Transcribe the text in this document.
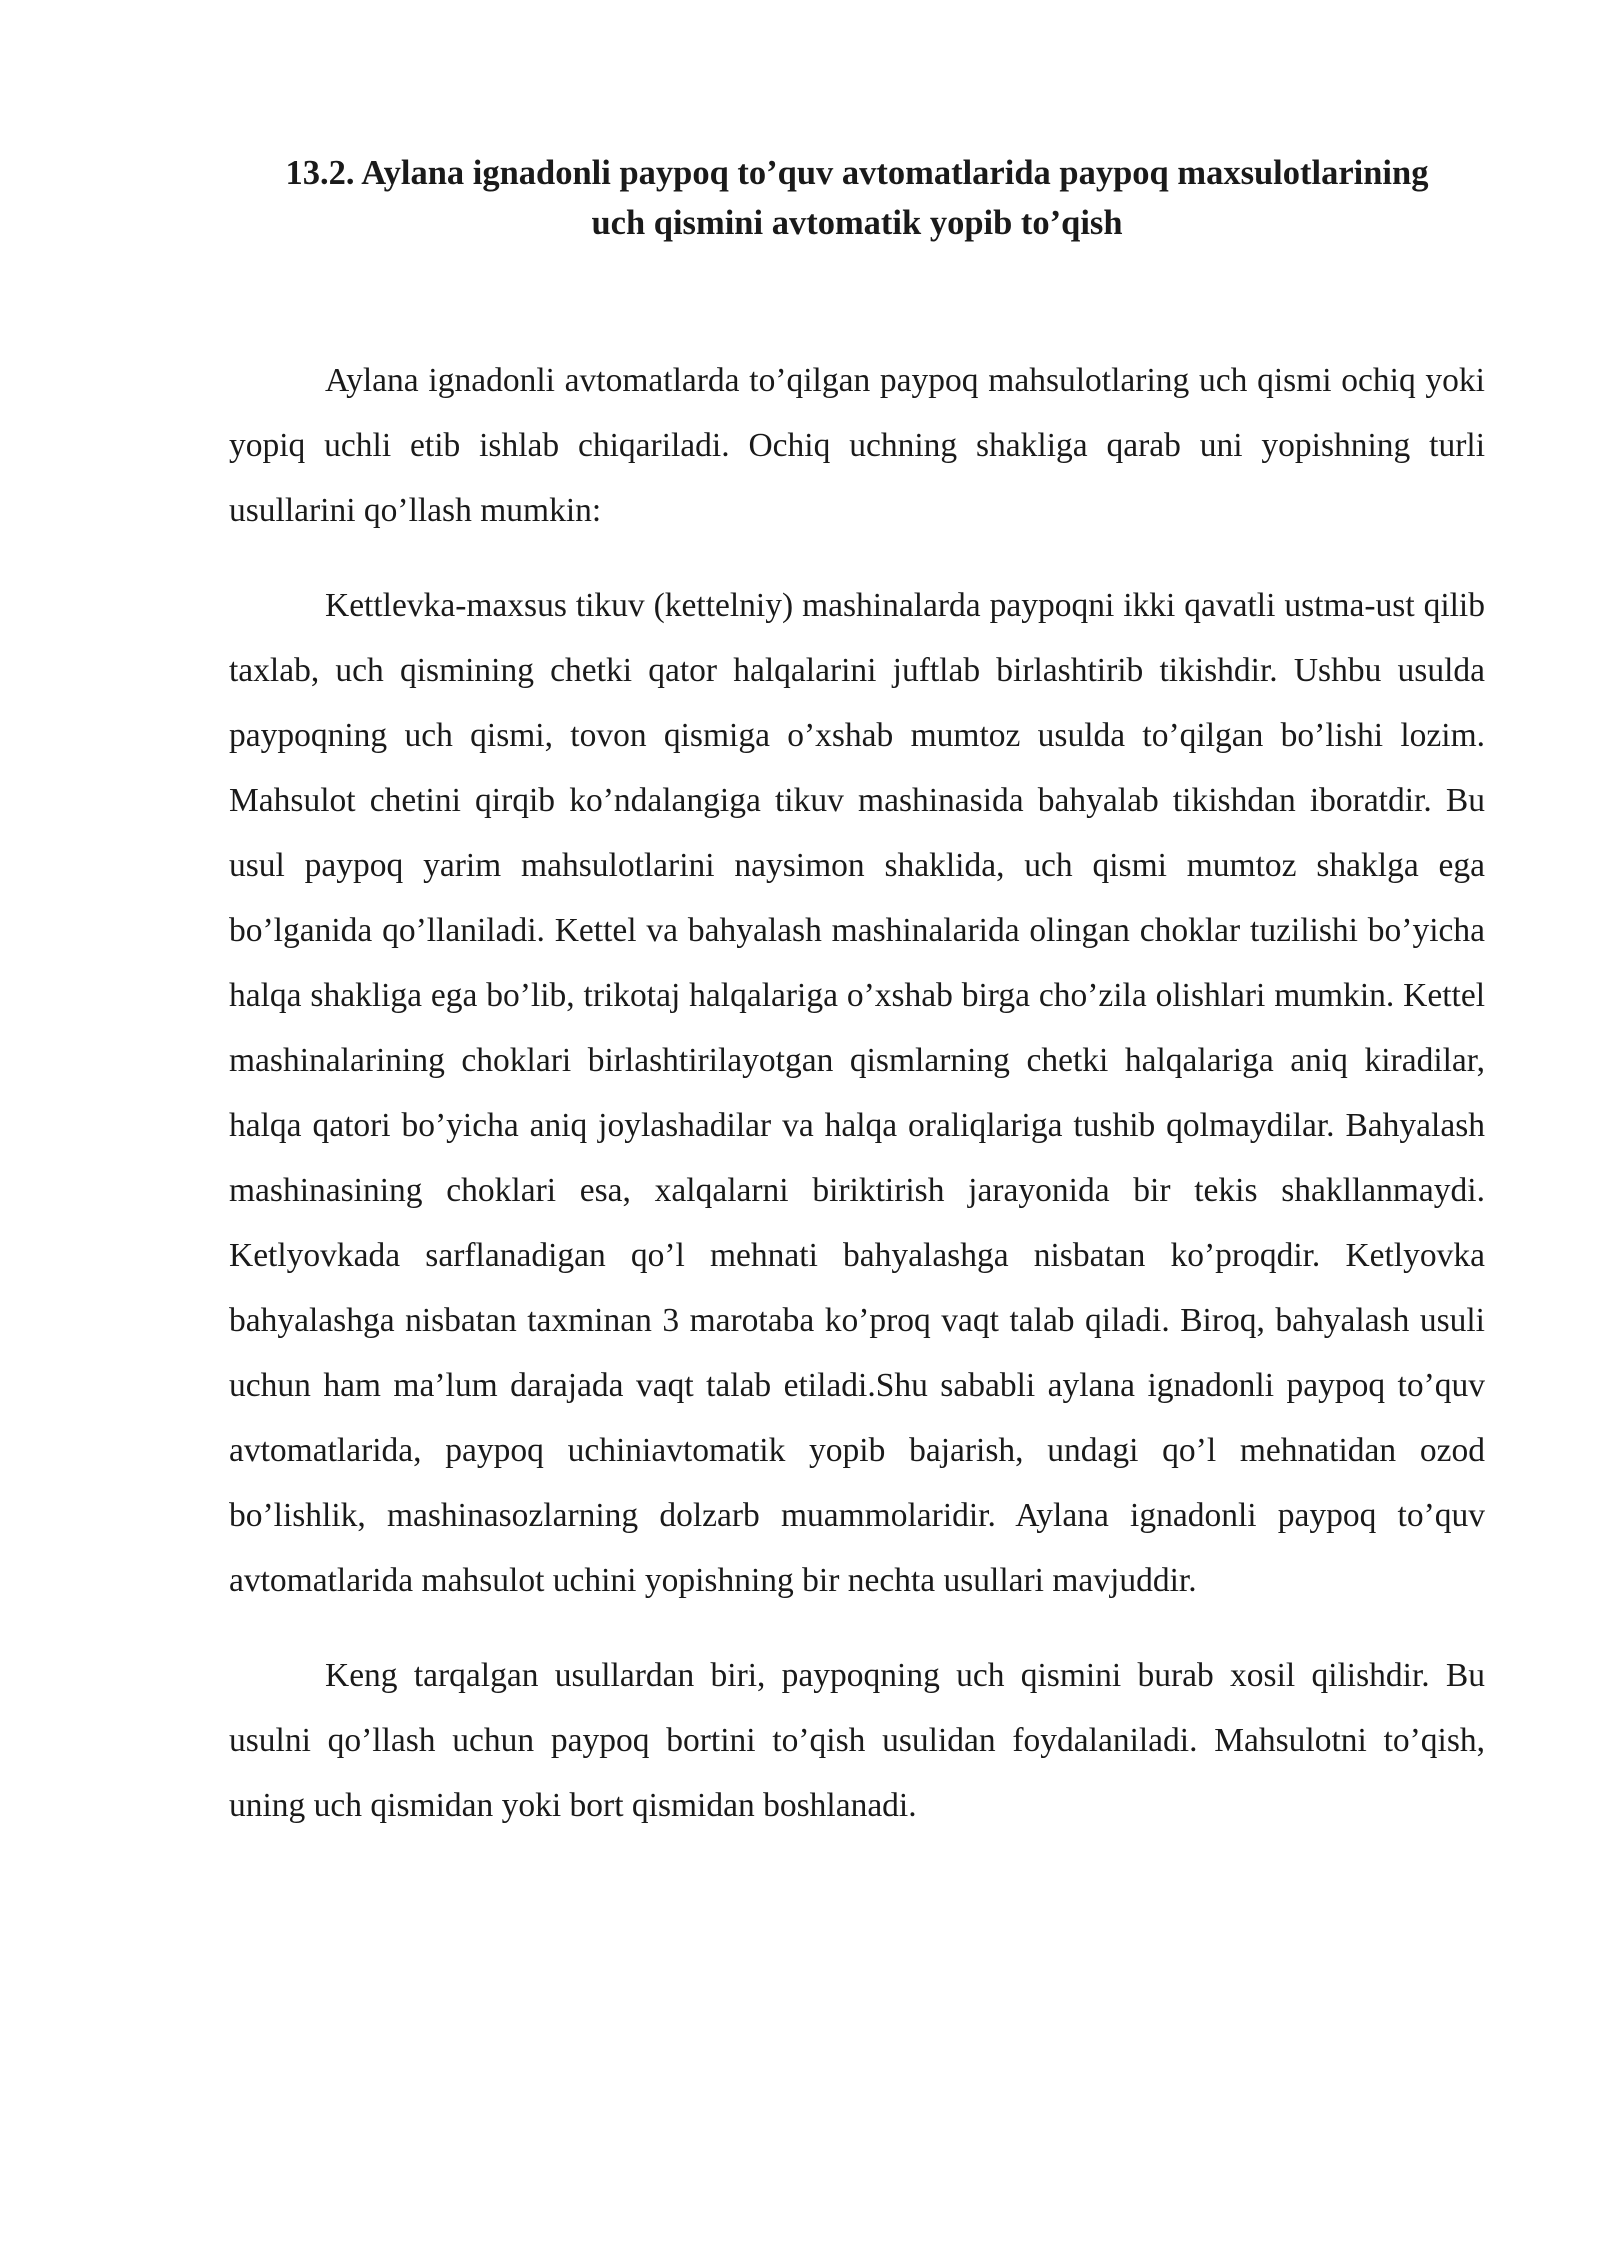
13.2. Aylana ignadonli paypoq to’quv avtomatlarida paypoq maxsulotlarining
uch qismini avtomatik yopib to’qish

Aylana ignadonli avtomatlarda to’qilgan paypoq mahsulotlaring uch qismi ochiq yoki yopiq uchli etib ishlab chiqariladi. Ochiq uchning shakliga qarab uni yopishning turli usullarini qo’llash mumkin:

Kettlevka-maxsus tikuv (kettelniy) mashinalarda paypoqni ikki qavatli ustma-ust qilib taxlab, uch qismining chetki qator halqalarini juftlab birlashtirib tikishdir. Ushbu usulda paypoqning uch qismi, tovon qismiga o’xshab mumtoz usulda to’qilgan bo’lishi lozim. Mahsulot chetini qirqib ko’ndalangiga tikuv mashinasida bahyalab tikishdan iboratdir. Bu usul paypoq yarim mahsulotlarini naysimon shaklida, uch qismi mumtoz shaklga ega bo’lganida qo’llaniladi. Kettel va bahyalash mashinalarida olingan choklar tuzilishi bo’yicha halqa shakliga ega bo’lib, trikotaj halqalariga o’xshab birga cho’zila olishlari mumkin. Kettel mashinalarining choklari birlashtirilayotgan qismlarning chetki halqalariga aniq kiradilar, halqa qatori bo’yicha aniq joylashadilar va halqa oraliqlariga tushib qolmaydilar. Bahyalash mashinasining choklari esa, xalqalarni biriktirish jarayonida bir tekis shakllanmaydi. Ketlyovkada sarflanadigan qo’l mehnati bahyalashga nisbatan ko’proqdir. Ketlyovka bahyalashga nisbatan taxminan 3 marotaba ko’proq vaqt talab qiladi. Biroq, bahyalash usuli uchun ham ma’lum darajada vaqt talab etiladi.Shu sababli aylana ignadonli paypoq to’quv avtomatlarida, paypoq uchiniavtomatik yopib bajarish, undagi qo’l mehnatidan ozod bo’lishlik, mashinasozlarning dolzarb muammolaridir. Aylana ignadonli paypoq to’quv avtomatlarida mahsulot uchini yopishning bir nechta usullari mavjuddir.

Keng tarqalgan usullardan biri, paypoqning uch qismini burab xosil qilishdir. Bu usulni qo’llash uchun paypoq bortini to’qish usulidan foydalaniladi. Mahsulotni to’qish, uning uch qismidan yoki bort qismidan boshlanadi.
